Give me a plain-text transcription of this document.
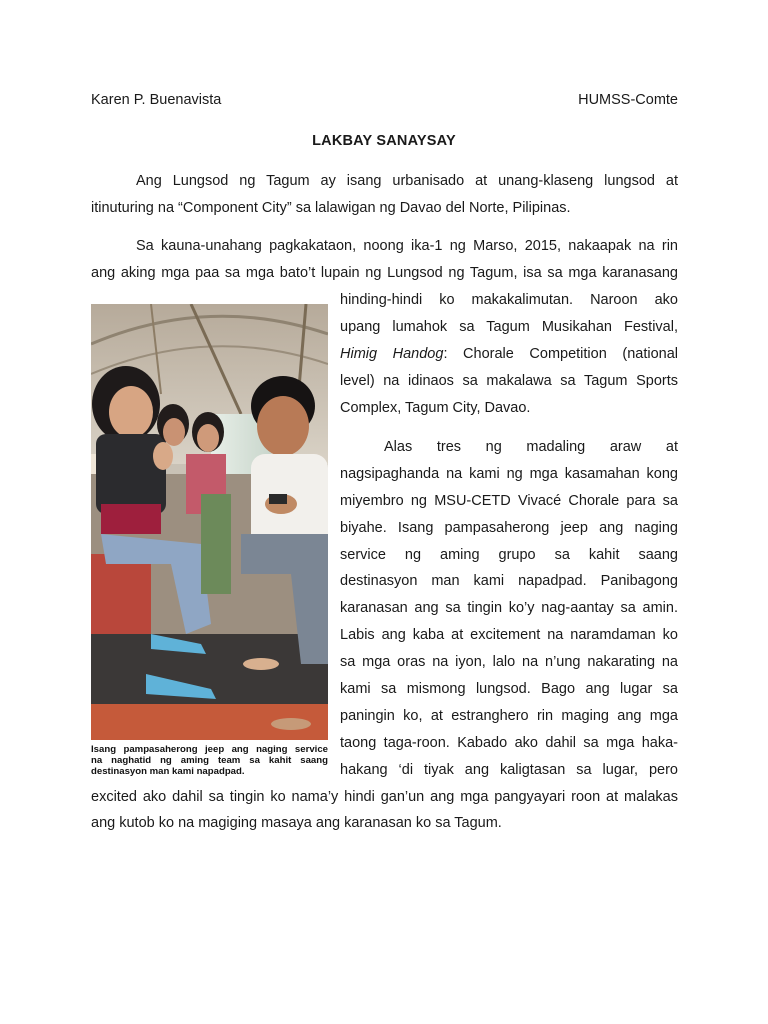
Karen P. Buenavista	HUMSS-Comte
LAKBAY SANAYSAY
Ang Lungsod ng Tagum ay isang urbanisado at unang-klaseng lungsod at
itinuturing na “Component City” sa lalawigan ng Davao del Norte, Pilipinas.
Sa kauna-unahang pagkakataon, noong ika-1 ng Marso, 2015, nakaapak na rin
ang aking mga paa sa mga bato’t lupain ng Lungsod ng Tagum, isa sa mga karanasang
hinding-hindi ko makakalimutan. Naroon ako
upang lumahok sa Tagum Musikahan Festival,
Himig Handog: Chorale Competition (national
level) na idinaos sa makalawa sa Tagum Sports
Complex, Tagum City, Davao.
Alas tres ng madaling araw at
nagsipaghanda na kami ng mga kasamahan kong
miyembro ng MSU-CETD Vivacé Chorale para sa
biyahe. Isang pampasaherong jeep ang naging
service ng aming grupo sa kahit saang
destinasyon man kami napadpad. Panibagong
karanasan ang sa tingin ko’y nag-aantay sa amin.
Labis ang kaba at excitement na naramdaman ko
sa mga oras na iyon, lalo na n’ung nakarating na
kami sa mismong lungsod. Bago ang lugar sa
paningin ko, at estranghero rin maging ang mga
taong taga-roon. Kabado ako dahil sa mga haka-
hakang ‘di tiyak ang kaligtasan sa lugar, pero
excited ako dahil sa tingin ko nama’y hindi gan’un ang mga pangyayari roon at malakas
ang kutob ko na magiging masaya ang karanasan ko sa Tagum.
Isang pampasaherong jeep ang naging service
na naghatid ng aming team sa kahit saang
destinasyon man kami napadpad.
